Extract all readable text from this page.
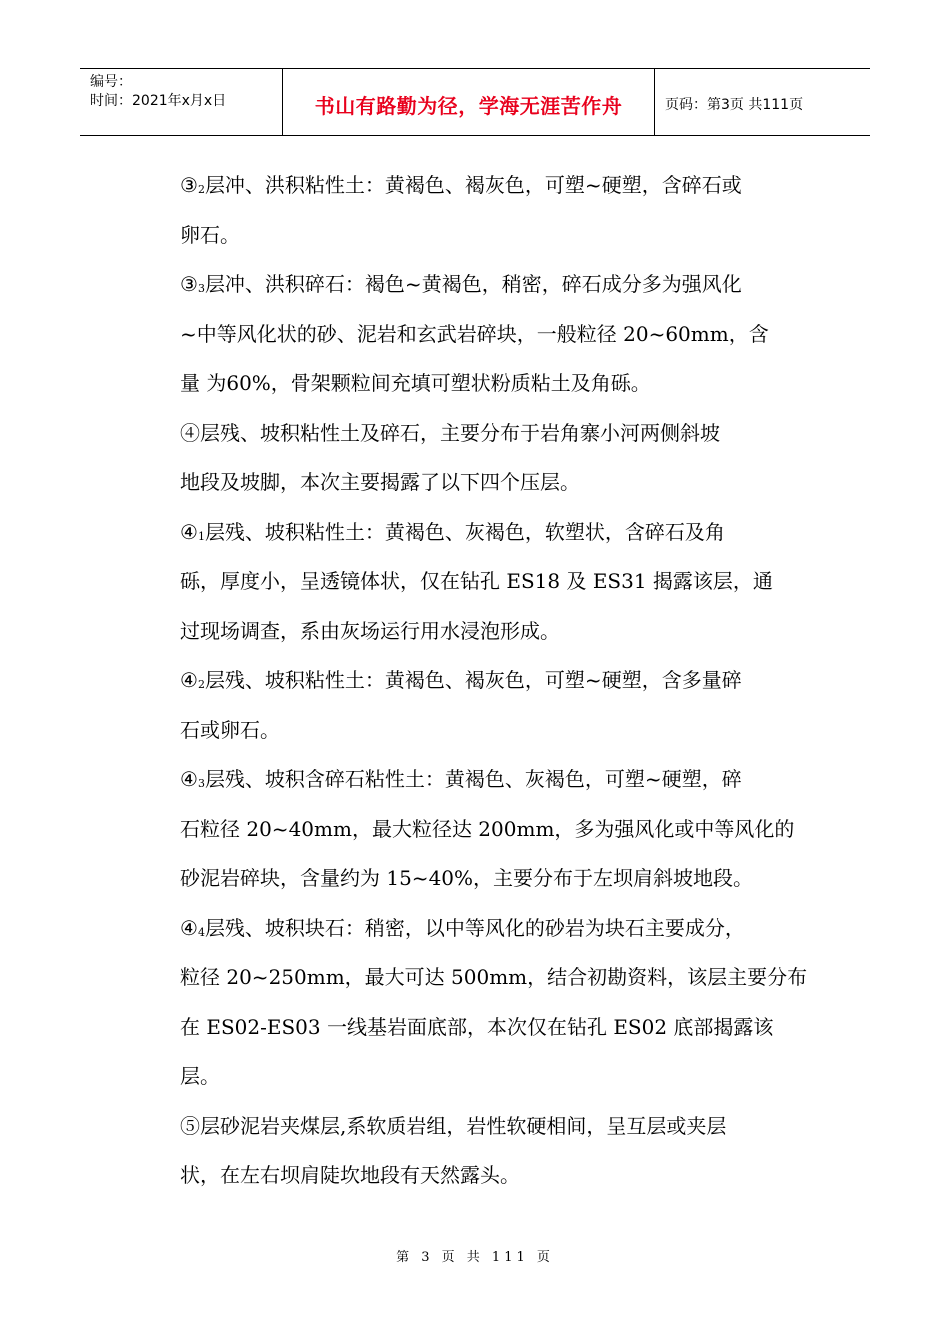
编号：
时间：2021年x月x日	书山有路勤为径，学海无涯苦作舟	页码：第3页 共111页
$③_2$层冲、洪积粘性土：黄褐色、褐灰色，可塑~硬塑，含碎石或
卵石。
$③_3$层冲、洪积碎石：褐色~黄褐色，稍密，碎石成分多为强风化
~中等风化状的砂、泥岩和玄武岩碎块，一般粒径 20~60mm，含
量 为60%，骨架颗粒间充填可塑状粉质粘土及角砾。
④层残、坡积粘性土及碎石，主要分布于岩角寨小河两侧斜坡
地段及坡脚，本次主要揭露了以下四个压层。
$④_1$层残、坡积粘性土：黄褐色、灰褐色，软塑状，含碎石及角
砾，厚度小，呈透镜体状，仅在钻孔 ES18 及 ES31 揭露该层，通
过现场调查，系由灰场运行用水浸泡形成。
$④_2$层残、坡积粘性土：黄褐色、褐灰色，可塑~硬塑，含多量碎
石或卵石。
$④_3$层残、坡积含碎石粘性土：黄褐色、灰褐色，可塑~硬塑，碎
石粒径 20~40mm，最大粒径达 200mm，多为强风化或中等风化的
砂泥岩碎块，含量约为 15~40%，主要分布于左坝肩斜坡地段。
$④_4$层残、坡积块石：稍密，以中等风化的砂岩为块石主要成分，
粒径 20~250mm，最大可达 500mm，结合初勘资料，该层主要分布
在 ES02-ES03 一线基岩面底部，本次仅在钻孔 ES02 底部揭露该
层。
⑤层砂泥岩夹煤层,系软质岩组，岩性软硬相间，呈互层或夹层
状，在左右坝肩陡坎地段有天然露头。
第 3 页 共 111 页
